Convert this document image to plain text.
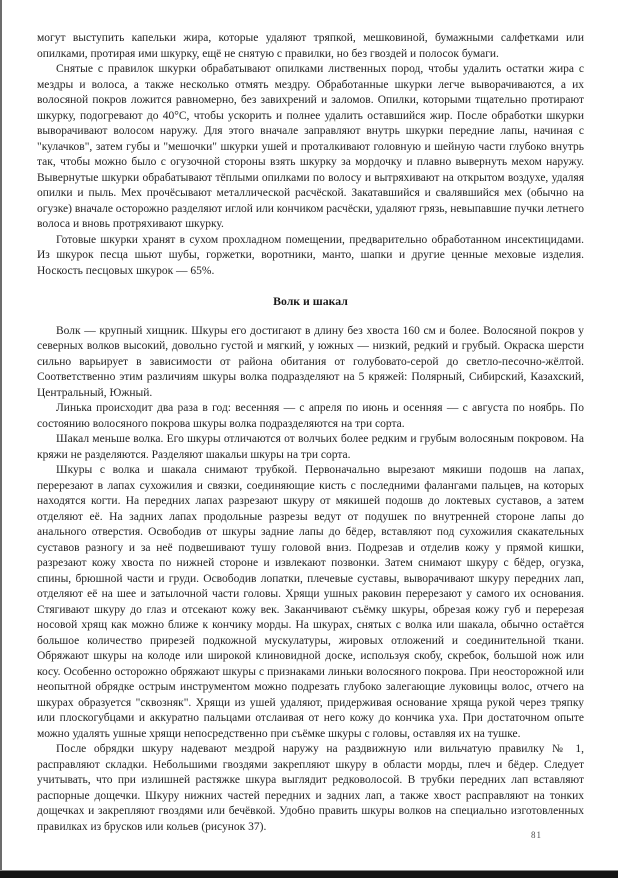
могут выступить капельки жира, которые удаляют тряпкой, мешковиной, бумажными салфетками или опилками, протирая ими шкурку, ещё не снятую с правилки, но без гвоздей и полосок бумаги.

Снятые с правилок шкурки обрабатывают опилками лиственных пород, чтобы удалить остатки жира с мездры и волоса, а также несколько отмять мездру. Обработанные шкурки легче выворачиваются, а их волосяной покров ложится равномерно, без завихрений и заломов. Опилки, которыми тщательно протирают шкурку, подогревают до 40°C, чтобы ускорить и полнее удалить оставшийся жир. После обработки шкурки выворачивают волосом наружу. Для этого вначале заправляют внутрь шкурки передние лапы, начиная с "кулачков", затем губы и "мешочки" шкурки ушей и проталкивают головную и шейную части глубоко внутрь так, чтобы можно было с огузочной стороны взять шкурку за мордочку и плавно вывернуть мехом наружу. Вывернутые шкурки обрабатывают тёплыми опилками по волосу и вытряхивают на открытом воздухе, удаляя опилки и пыль. Мех прочёсывают металлической расчёской. Закатавшийся и свалявшийся мех (обычно на огузке) вначале осторожно разделяют иглой или кончиком расчёски, удаляют грязь, невыпавшие пучки летнего волоса и вновь протряхивают шкурку.

Готовые шкурки хранят в сухом прохладном помещении, предварительно обработанном инсектицидами. Из шкурок песца шьют шубы, горжетки, воротники, манто, шапки и другие ценные меховые изделия. Носкость песцовых шкурок — 65%.

Волк и шакал

Волк — крупный хищник. Шкуры его достигают в длину без хвоста 160 см и более. Волосяной покров у северных волков высокий, довольно густой и мягкий, у южных — низкий, редкий и грубый. Окраска шерсти сильно варьирует в зависимости от района обитания от голубовато-серой до светло-песочно-жёлтой. Соответственно этим различиям шкуры волка подразделяют на 5 кряжей: Полярный, Сибирский, Казахский, Центральный, Южный.

Линька происходит два раза в год: весенняя — с апреля по июнь и осенняя — с августа по ноябрь. По состоянию волосяного покрова шкуры волка подразделяются на три сорта.

Шакал меньше волка. Его шкуры отличаются от волчьих более редким и грубым волосяным покровом. На кряжи не разделяются. Разделяют шакальи шкуры на три сорта.

Шкуры с волка и шакала снимают трубкой. Первоначально вырезают мякиши подошв на лапах, перерезают в лапах сухожилия и связки, соединяющие кисть с последними фалангами пальцев, на которых находятся когти. На передних лапах разрезают шкуру от мякишей подошв до локтевых суставов, а затем отделяют её. На задних лапах продольные разрезы ведут от подушек по внутренней стороне лапы до анального отверстия. Освободив от шкуры задние лапы до бёдер, вставляют под сухожилия скакательных суставов разногу и за неё подвешивают тушу головой вниз. Подрезав и отделив кожу у прямой кишки, разрезают кожу хвоста по нижней стороне и извлекают позвонки. Затем снимают шкуру с бёдер, огузка, спины, брюшной части и груди. Освободив лопатки, плечевые суставы, выворачивают шкуру передних лап, отделяют её на шее и затылочной части головы. Хрящи ушных раковин перерезают у самого их основания. Стягивают шкуру до глаз и отсекают кожу век. Заканчивают съёмку шкуры, обрезая кожу губ и перерезая носовой хрящ как можно ближе к кончику морды. На шкурах, снятых с волка или шакала, обычно остаётся большое количество прирезей подкожной мускулатуры, жировых отложений и соединительной ткани. Обряжают шкуры на колоде или широкой клиновидной доске, используя скобу, скребок, большой нож или косу. Особенно осторожно обряжают шкуры с признаками линьки волосяного покрова. При неосторожной или неопытной обрядке острым инструментом можно подрезать глубоко залегающие луковицы волос, отчего на шкурах образуется "сквозняк". Хрящи из ушей удаляют, придерживая основание хряща рукой через тряпку или плоскогубцами и аккуратно пальцами отслаивая от него кожу до кончика уха. При достаточном опыте можно удалять ушные хрящи непосредственно при съёмке шкуры с головы, оставляя их на тушке.

После обрядки шкуру надевают мездрой наружу на раздвижную или вильчатую правилку № 1, расправляют складки. Небольшими гвоздями закрепляют шкуру в области морды, плеч и бёдер. Следует учитывать, что при излишней растяжке шкура выглядит редковолосой. В трубки передних лап вставляют распорные дощечки. Шкуру нижних частей передних и задних лап, а также хвост расправляют на тонких дощечках и закрепляют гвоздями или бечёвкой. Удобно править шкуры волков на специально изготовленных правилках из брусков или кольев (рисунок 37).

81
